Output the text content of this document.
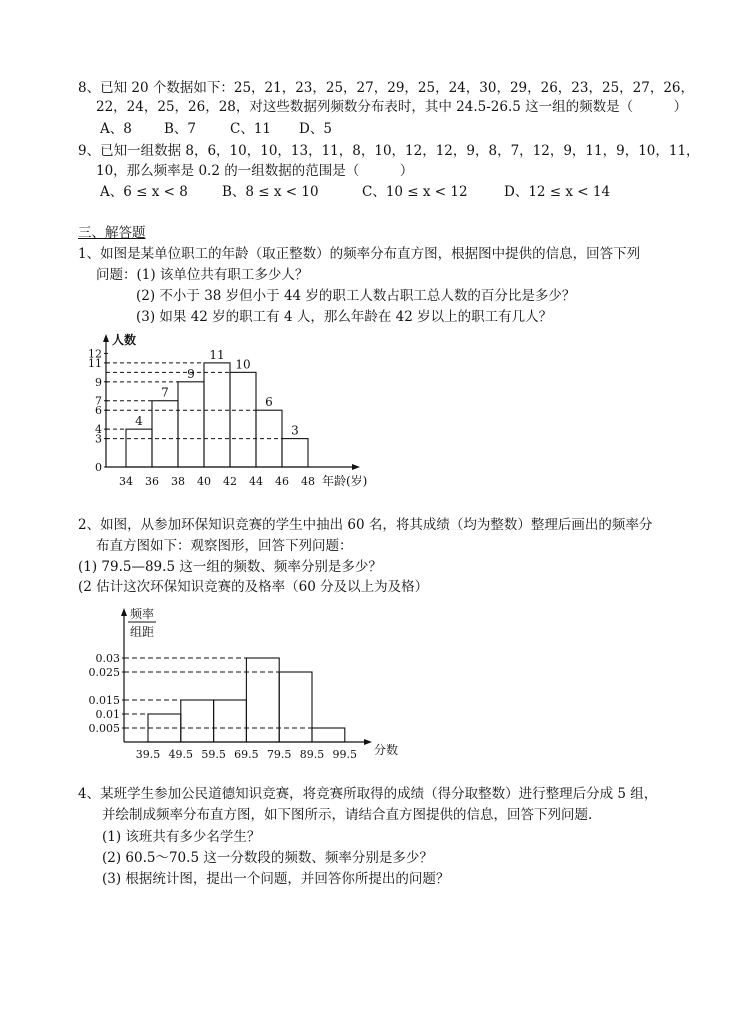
8、已知 20 个数据如下：25，21，23，25，27，29，25，24，30，29，26，23，25，27，26，
22，24，25，26，28，对这些数据列频数分布表时，其中 24.5-26.5 这一组的频数是（　　　）
A、8 B、7	C、11 D、5
9、已知一组数据 8，6，10，10，13，11，8，10，12，12，9，8，7，12，9，11，9，10，11，
10，那么频率是 0.2 的一组数据的范围是（　　　）
A、6 ≤ x < 8	B、8 ≤ x < 10	C、10 ≤ x < 12	D、12 ≤ x < 14
三、解答题
1、如图是某单位职工的年龄（取正整数）的频率分布直方图，根据图中提供的信息，回答下列
问题：(1) 该单位共有职工多少人？
(2) 不小于 38 岁但小于 44 岁的职工人数占职工总人数的百分比是多少？
(3) 如果 42 岁的职工有 4 人，那么年龄在 42 岁以上的职工有几人？
人数
0
3
4
6
7
9
11
12
4
7
9
11
10
6
3
34 36 38 40 42 44 46 48 年龄(岁)
2、如图，从参加环保知识竞赛的学生中抽出 60 名，将其成绩（均为整数）整理后画出的频率分
布直方图如下：观察图形，回答下列问题：
(1) 79.5—89.5 这一组的频数、频率分别是多少？
(2 估计这次环保知识竞赛的及格率（60 分及以上为及格）
频率
组距
0.03
0.025
0.015
0.01
0.005
39.5 49.5 59.5 69.5 79.5 89.5 99.5 分数
4、某班学生参加公民道德知识竞赛，将竞赛所取得的成绩（得分取整数）进行整理后分成 5 组，
并绘制成频率分布直方图，如下图所示，请结合直方图提供的信息，回答下列问题.
(1) 该班共有多少名学生？
(2) 60.5～70.5 这一分数段的频数、频率分别是多少？
(3) 根据统计图，提出一个问题，并回答你所提出的问题？
